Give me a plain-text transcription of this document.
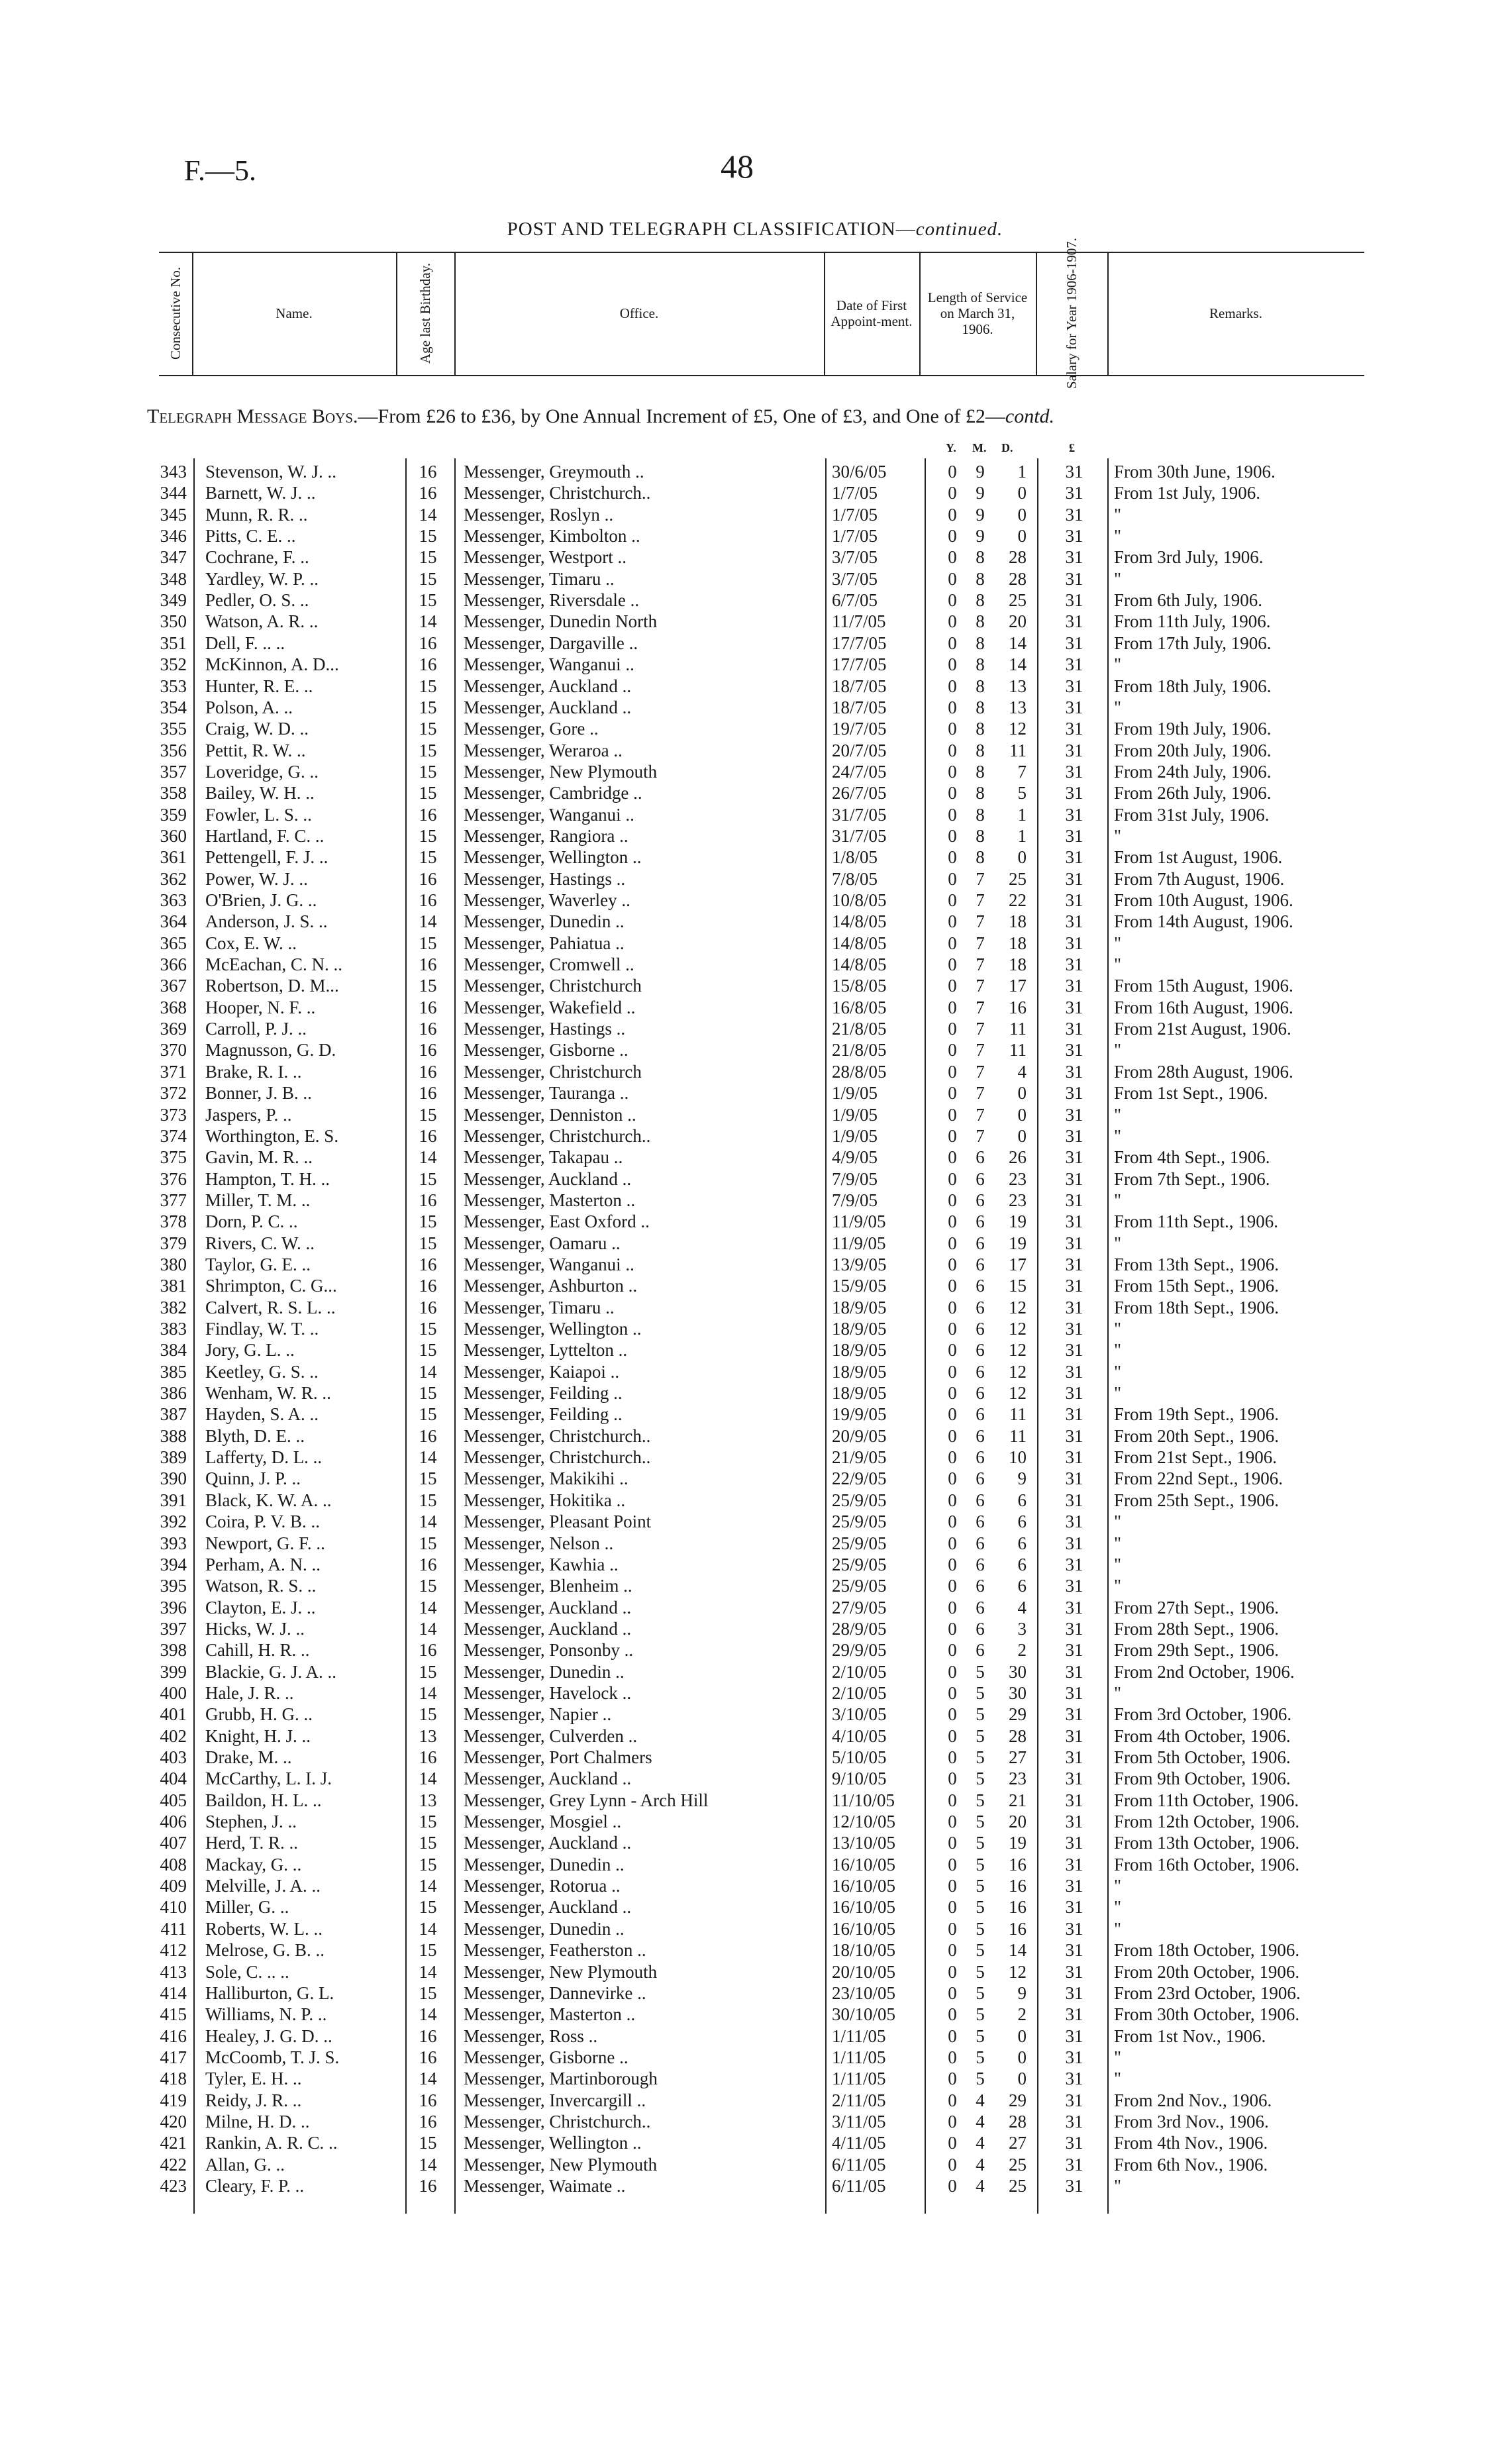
F.—5.	48
POST AND TELEGRAPH CLASSIFICATION—continued.
Consecutive No.	Name.	Age last Birthday.	Office.	Date of First Appoint-ment.
Length of Service on March 31, 1906.	Salary for Year 1906-1907.	Remarks.
Telegraph Message Boys.—From £26 to £36, by One Annual Increment of £5, One of £3, and One of £2—contd.
Y. M. D.	£
343 Stevenson, W. J. ..	16	Messenger, Greymouth ..	30/6/05	0	9	1	31	From 30th June, 1906.
344 Barnett, W. J. ..	16	Messenger, Christchurch..	1/7/05	0	9	0	31	From 1st July, 1906.
345 Munn, R. R. ..	14	Messenger, Roslyn ..	1/7/05	0	9	0	31	"
346 Pitts, C. E. ..	15	Messenger, Kimbolton ..	1/7/05	0	9	0	31	"
347 Cochrane, F. ..	15	Messenger, Westport ..	3/7/05	0	8	28	31	From 3rd July, 1906.
348 Yardley, W. P. ..	15	Messenger, Timaru ..	3/7/05	0	8	28	31	"
349 Pedler, O. S. ..	15	Messenger, Riversdale ..	6/7/05	0	8	25	31	From 6th July, 1906.
350 Watson, A. R. ..	14	Messenger, Dunedin North	11/7/05	0	8	20	31	From 11th July, 1906.
351 Dell, F. .. ..	16	Messenger, Dargaville ..	17/7/05	0	8	14	31	From 17th July, 1906.
352 McKinnon, A. D...	16	Messenger, Wanganui ..	17/7/05	0	8	14	31	"
353 Hunter, R. E. ..	15	Messenger, Auckland ..	18/7/05	0	8	13	31	From 18th July, 1906.
354 Polson, A. ..	15	Messenger, Auckland ..	18/7/05	0	8	13	31	"
355 Craig, W. D. ..	15	Messenger, Gore ..	19/7/05	0	8	12	31	From 19th July, 1906.
356 Pettit, R. W. ..	15	Messenger, Weraroa ..	20/7/05	0	8	11	31	From 20th July, 1906.
357 Loveridge, G. ..	15	Messenger, New Plymouth	24/7/05	0	8	7	31	From 24th July, 1906.
358 Bailey, W. H. ..	15	Messenger, Cambridge ..	26/7/05	0	8	5	31	From 26th July, 1906.
359 Fowler, L. S. ..	16	Messenger, Wanganui ..	31/7/05	0	8	1	31	From 31st July, 1906.
360 Hartland, F. C. ..	15	Messenger, Rangiora ..	31/7/05	0	8	1	31	"
361 Pettengell, F. J. ..	15	Messenger, Wellington ..	1/8/05	0	8	0	31	From 1st August, 1906.
362 Power, W. J. ..	16	Messenger, Hastings ..	7/8/05	0	7	25	31	From 7th August, 1906.
363 O'Brien, J. G. ..	16	Messenger, Waverley ..	10/8/05	0	7	22	31	From 10th August, 1906.
364 Anderson, J. S. ..	14	Messenger, Dunedin ..	14/8/05	0	7	18	31	From 14th August, 1906.
365 Cox, E. W. ..	15	Messenger, Pahiatua ..	14/8/05	0	7	18	31	"
366 McEachan, C. N. ..	16	Messenger, Cromwell ..	14/8/05	0	7	18	31	"
367 Robertson, D. M...	15	Messenger, Christchurch	15/8/05	0	7	17	31	From 15th August, 1906.
368 Hooper, N. F. ..	16	Messenger, Wakefield ..	16/8/05	0	7	16	31	From 16th August, 1906.
369 Carroll, P. J. ..	16	Messenger, Hastings ..	21/8/05	0	7	11	31	From 21st August, 1906.
370 Magnusson, G. D.	16	Messenger, Gisborne ..	21/8/05	0	7	11	31	"
371 Brake, R. I. ..	16	Messenger, Christchurch	28/8/05	0	7	4	31	From 28th August, 1906.
372 Bonner, J. B. ..	16	Messenger, Tauranga ..	1/9/05	0	7	0	31	From 1st Sept., 1906.
373 Jaspers, P. ..	15	Messenger, Denniston ..	1/9/05	0	7	0	31	"
374 Worthington, E. S.	16	Messenger, Christchurch..	1/9/05	0	7	0	31	"
375 Gavin, M. R. ..	14	Messenger, Takapau ..	4/9/05	0	6	26	31	From 4th Sept., 1906.
376 Hampton, T. H. ..	15	Messenger, Auckland ..	7/9/05	0	6	23	31	From 7th Sept., 1906.
377 Miller, T. M. ..	16	Messenger, Masterton ..	7/9/05	0	6	23	31	"
378 Dorn, P. C. ..	15	Messenger, East Oxford ..	11/9/05	0	6	19	31	From 11th Sept., 1906.
379 Rivers, C. W. ..	15	Messenger, Oamaru ..	11/9/05	0	6	19	31	"
380 Taylor, G. E. ..	16	Messenger, Wanganui ..	13/9/05	0	6	17	31	From 13th Sept., 1906.
381 Shrimpton, C. G...	16	Messenger, Ashburton ..	15/9/05	0	6	15	31	From 15th Sept., 1906.
382 Calvert, R. S. L. ..	16	Messenger, Timaru ..	18/9/05	0	6	12	31	From 18th Sept., 1906.
383 Findlay, W. T. ..	15	Messenger, Wellington ..	18/9/05	0	6	12	31	"
384 Jory, G. L. ..	15	Messenger, Lyttelton ..	18/9/05	0	6	12	31	"
385 Keetley, G. S. ..	14	Messenger, Kaiapoi ..	18/9/05	0	6	12	31	"
386 Wenham, W. R. ..	15	Messenger, Feilding ..	18/9/05	0	6	12	31	"
387 Hayden, S. A. ..	15	Messenger, Feilding ..	19/9/05	0	6	11	31	From 19th Sept., 1906.
388 Blyth, D. E. ..	16	Messenger, Christchurch..	20/9/05	0	6	11	31	From 20th Sept., 1906.
389 Lafferty, D. L. ..	14	Messenger, Christchurch..	21/9/05	0	6	10	31	From 21st Sept., 1906.
390 Quinn, J. P. ..	15	Messenger, Makikihi ..	22/9/05	0	6	9	31	From 22nd Sept., 1906.
391 Black, K. W. A. ..	15	Messenger, Hokitika ..	25/9/05	0	6	6	31	From 25th Sept., 1906.
392 Coira, P. V. B. ..	14	Messenger, Pleasant Point	25/9/05	0	6	6	31	"
393 Newport, G. F. ..	15	Messenger, Nelson ..	25/9/05	0	6	6	31	"
394 Perham, A. N. ..	16	Messenger, Kawhia ..	25/9/05	0	6	6	31	"
395 Watson, R. S. ..	15	Messenger, Blenheim ..	25/9/05	0	6	6	31	"
396 Clayton, E. J. ..	14	Messenger, Auckland ..	27/9/05	0	6	4	31	From 27th Sept., 1906.
397 Hicks, W. J. ..	14	Messenger, Auckland ..	28/9/05	0	6	3	31	From 28th Sept., 1906.
398 Cahill, H. R. ..	16	Messenger, Ponsonby ..	29/9/05	0	6	2	31	From 29th Sept., 1906.
399 Blackie, G. J. A. ..	15	Messenger, Dunedin ..	2/10/05	0	5	30	31	From 2nd October, 1906.
400 Hale, J. R. ..	14	Messenger, Havelock ..	2/10/05	0	5	30	31	"
401 Grubb, H. G. ..	15	Messenger, Napier ..	3/10/05	0	5	29	31	From 3rd October, 1906.
402 Knight, H. J. ..	13	Messenger, Culverden ..	4/10/05	0	5	28	31	From 4th October, 1906.
403 Drake, M. ..	16	Messenger, Port Chalmers	5/10/05	0	5	27	31	From 5th October, 1906.
404 McCarthy, L. I. J.	14	Messenger, Auckland ..	9/10/05	0	5	23	31	From 9th October, 1906.
405 Baildon, H. L. ..	13	Messenger, Grey Lynn - Arch Hill	11/10/05	0	5	21	31	From 11th October, 1906.
406 Stephen, J. ..	15	Messenger, Mosgiel ..	12/10/05	0	5	20	31	From 12th October, 1906.
407 Herd, T. R. ..	15	Messenger, Auckland ..	13/10/05	0	5	19	31	From 13th October, 1906.
408 Mackay, G. ..	15	Messenger, Dunedin ..	16/10/05	0	5	16	31	From 16th October, 1906.
409 Melville, J. A. ..	14	Messenger, Rotorua ..	16/10/05	0	5	16	31	"
410 Miller, G. ..	15	Messenger, Auckland ..	16/10/05	0	5	16	31	"
411 Roberts, W. L. ..	14	Messenger, Dunedin ..	16/10/05	0	5	16	31	"
412 Melrose, G. B. ..	15	Messenger, Featherston ..	18/10/05	0	5	14	31	From 18th October, 1906.
413 Sole, C. .. ..	14	Messenger, New Plymouth	20/10/05	0	5	12	31	From 20th October, 1906.
414 Halliburton, G. L.	15	Messenger, Dannevirke ..	23/10/05	0	5	9	31	From 23rd October, 1906.
415 Williams, N. P. ..	14	Messenger, Masterton ..	30/10/05	0	5	2	31	From 30th October, 1906.
416 Healey, J. G. D. ..	16	Messenger, Ross ..	1/11/05	0	5	0	31	From 1st Nov., 1906.
417 McCoomb, T. J. S.	16	Messenger, Gisborne ..	1/11/05	0	5	0	31	"
418 Tyler, E. H. ..	14	Messenger, Martinborough	1/11/05	0	5	0	31	"
419 Reidy, J. R. ..	16	Messenger, Invercargill ..	2/11/05	0	4	29	31	From 2nd Nov., 1906.
420 Milne, H. D. ..	16	Messenger, Christchurch..	3/11/05	0	4	28	31	From 3rd Nov., 1906.
421 Rankin, A. R. C. ..	15	Messenger, Wellington ..	4/11/05	0	4	27	31	From 4th Nov., 1906.
422 Allan, G. ..	14	Messenger, New Plymouth	6/11/05	0	4	25	31	From 6th Nov., 1906.
423 Cleary, F. P. ..	16	Messenger, Waimate ..	6/11/05	0	4	25	31	"
